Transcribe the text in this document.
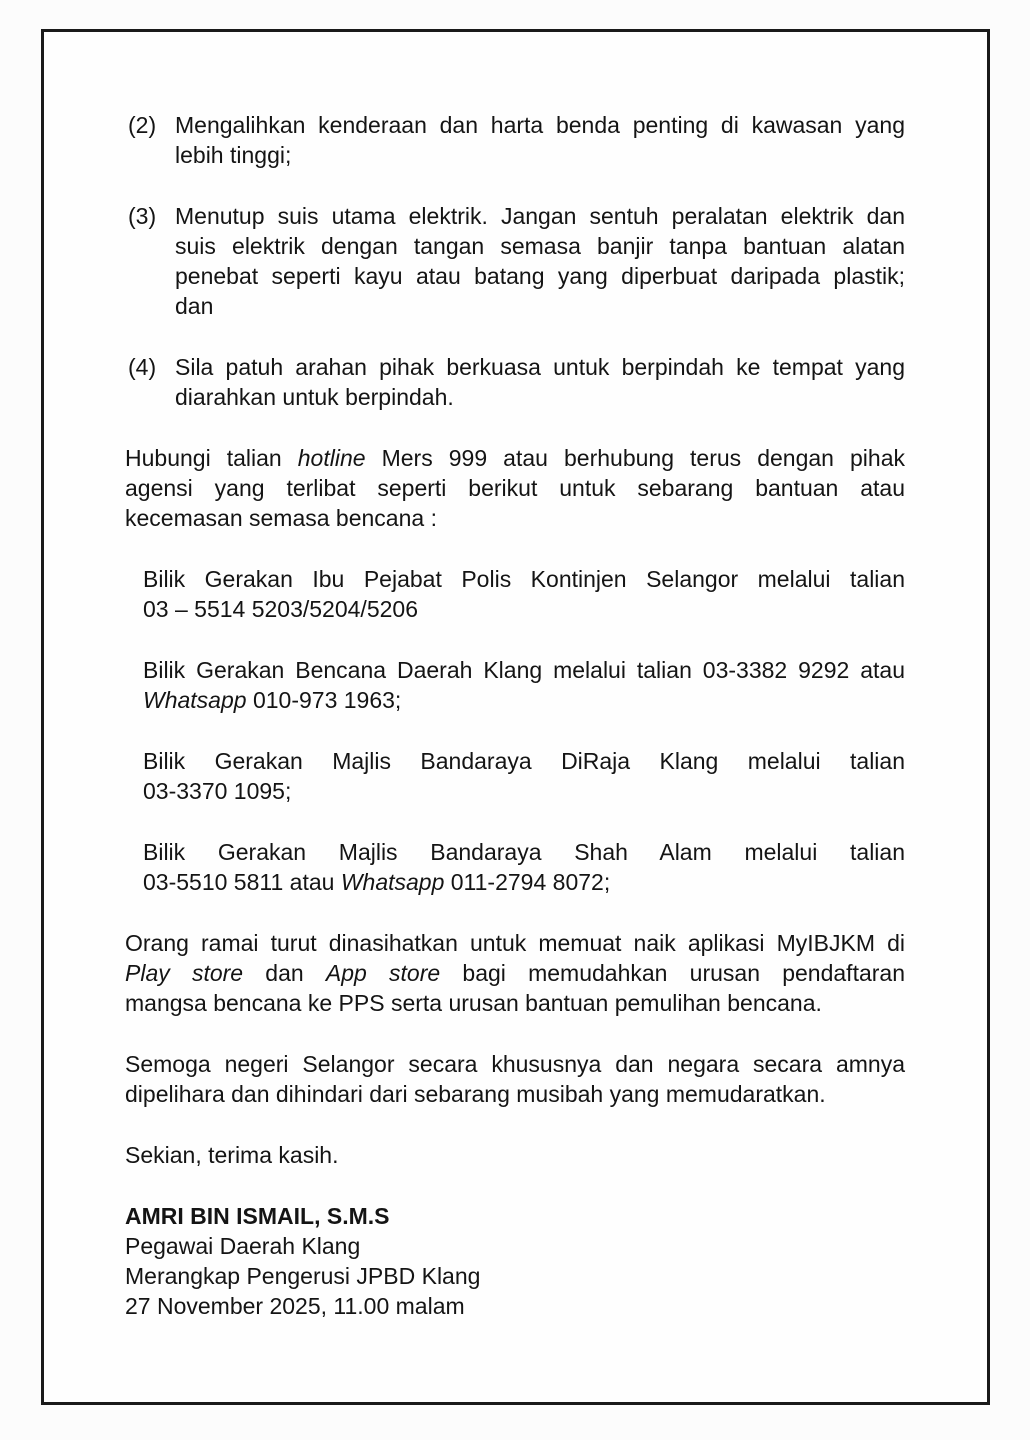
(2) Mengalihkan kenderaan dan harta benda penting di kawasan yang
lebih tinggi;
(3) Menutup suis utama elektrik. Jangan sentuh peralatan elektrik dan
suis elektrik dengan tangan semasa banjir tanpa bantuan alatan
penebat seperti kayu atau batang yang diperbuat daripada plastik;
dan
(4) Sila patuh arahan pihak berkuasa untuk berpindah ke tempat yang
diarahkan untuk berpindah.
Hubungi talian hotline Mers 999 atau berhubung terus dengan pihak
agensi yang terlibat seperti berikut untuk sebarang bantuan atau
kecemasan semasa bencana :
Bilik Gerakan Ibu Pejabat Polis Kontinjen Selangor melalui talian
03 – 5514 5203/5204/5206
Bilik Gerakan Bencana Daerah Klang melalui talian 03-3382 9292 atau
Whatsapp 010-973 1963;
Bilik Gerakan Majlis Bandaraya DiRaja Klang melalui talian
03-3370 1095;
Bilik Gerakan Majlis Bandaraya Shah Alam melalui talian
03-5510 5811 atau Whatsapp 011-2794 8072;
Orang ramai turut dinasihatkan untuk memuat naik aplikasi MyIBJKM di
Play store dan App store bagi memudahkan urusan pendaftaran
mangsa bencana ke PPS serta urusan bantuan pemulihan bencana.
Semoga negeri Selangor secara khususnya dan negara secara amnya
dipelihara dan dihindari dari sebarang musibah yang memudaratkan.
Sekian, terima kasih.
AMRI BIN ISMAIL, S.M.S
Pegawai Daerah Klang
Merangkap Pengerusi JPBD Klang
27 November 2025, 11.00 malam
